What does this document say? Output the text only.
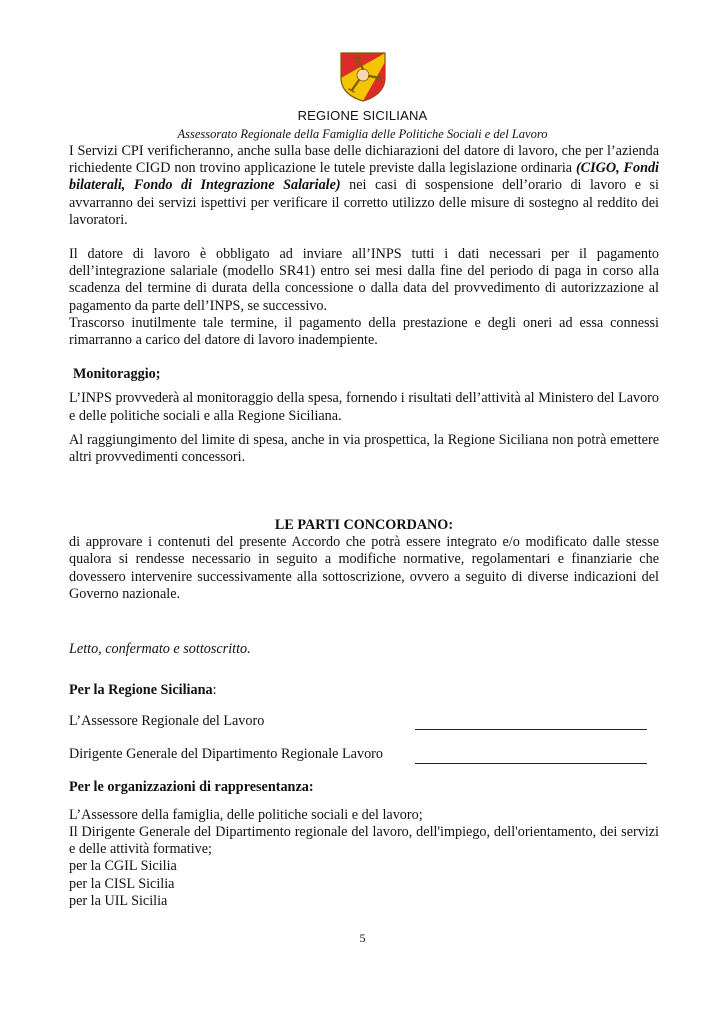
REGIONE SICILIANA
Assessorato Regionale della Famiglia delle Politiche Sociali e del Lavoro

I Servizi CPI verificheranno, anche sulla base delle dichiarazioni del datore di lavoro, che per l’azienda richiedente CIGD non trovino applicazione le tutele previste dalla legislazione ordinaria (CIGO, Fondi bilaterali, Fondo di Integrazione Salariale) nei casi di sospensione dell’orario di lavoro e si avvarranno dei servizi ispettivi per verificare il corretto utilizzo delle misure di sostegno al reddito dei lavoratori.

Il datore di lavoro è obbligato ad inviare all’INPS tutti i dati necessari per il pagamento dell’integrazione salariale (modello SR41) entro sei mesi dalla fine del periodo di paga in corso alla scadenza del termine di durata della concessione o dalla data del provvedimento di autorizzazione al pagamento da parte dell’INPS, se successivo.

Trascorso inutilmente tale termine, il pagamento della prestazione e degli oneri ad essa connessi rimarranno a carico del datore di lavoro inadempiente.

Monitoraggio;

L’INPS provvederà al monitoraggio della spesa, fornendo i risultati dell’attività al Ministero del Lavoro e delle politiche sociali e alla Regione Siciliana.

Al raggiungimento del limite di spesa, anche in via prospettica, la Regione Siciliana non potrà emettere altri provvedimenti concessori.

LE PARTI CONCORDANO:

di approvare i contenuti del presente Accordo che potrà essere integrato e/o modificato dalle stesse qualora si rendesse necessario in seguito a modifiche normative, regolamentari e finanziarie che dovessero intervenire successivamente alla sottoscrizione, ovvero a seguito di diverse indicazioni del Governo nazionale.

Letto, confermato e sottoscritto.

Per la Regione Siciliana:

L’Assessore Regionale del Lavoro
Dirigente Generale del Dipartimento Regionale Lavoro

Per le organizzazioni di rappresentanza:

L’Assessore della famiglia, delle politiche sociali e del lavoro;

Il Dirigente Generale del Dipartimento regionale del lavoro, dell'impiego, dell'orientamento, dei servizi e delle attività formative;

per la CGIL Sicilia

per la CISL Sicilia

per la UIL Sicilia

5
